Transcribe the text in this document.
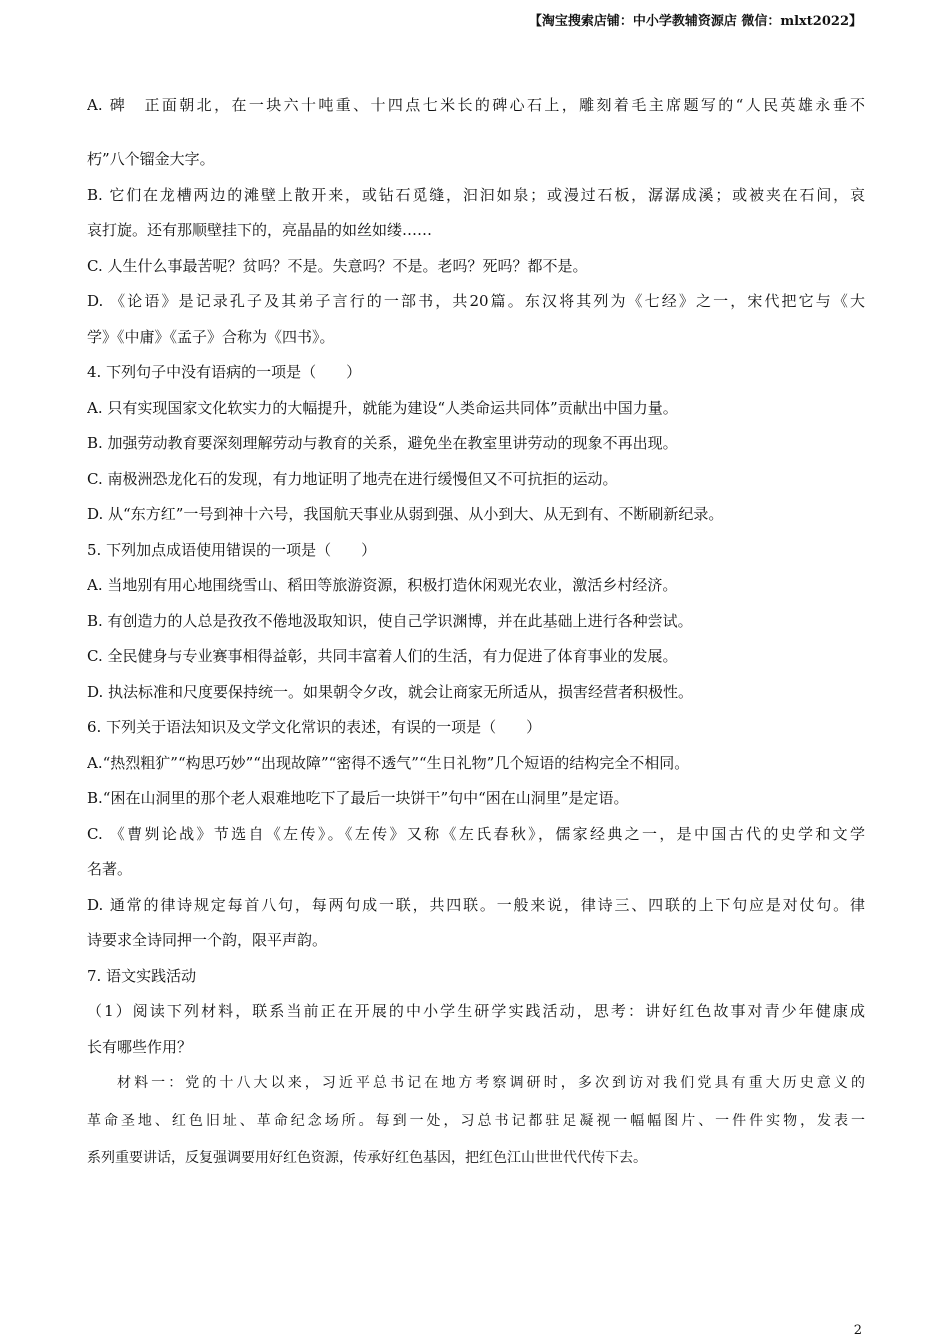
【淘宝搜索店铺：中小学教辅资源店 微信：mlxt2022】
A. 碑　正面朝北，在一块六十吨重、十四点七米长的碑心石上，雕刻着毛主席题写的“人民英雄永垂不
朽”八个镏金大字。
B. 它们在龙槽两边的滩壁上散开来，或钻石觅缝，汩汩如泉；或漫过石板，潺潺成溪；或被夹在石间，哀
哀打旋。还有那顺壁挂下的，亮晶晶的如丝如缕……
C. 人生什么事最苦呢？贫吗？不是。失意吗？不是。老吗？死吗？都不是。
D. 《论语》是记录孔子及其弟子言行的一部书，共20篇。东汉将其列为《七经》之一，宋代把它与《大
学》《中庸》《孟子》合称为《四书》。
4. 下列句子中没有语病的一项是（　　）
A. 只有实现国家文化软实力的大幅提升，就能为建设“人类命运共同体”贡献出中国力量。
B. 加强劳动教育要深刻理解劳动与教育的关系，避免坐在教室里讲劳动的现象不再出现。
C. 南极洲恐龙化石的发现，有力地证明了地壳在进行缓慢但又不可抗拒的运动。
D. 从“东方红”一号到神十六号，我国航天事业从弱到强、从小到大、从无到有、不断刷新纪录。
5. 下列加点成语使用错误的一项是（　　）
A. 当地别有用心地围绕雪山、稻田等旅游资源，积极打造休闲观光农业，激活乡村经济。
B. 有创造力的人总是孜孜不倦地汲取知识，使自己学识渊博，并在此基础上进行各种尝试。
C. 全民健身与专业赛事相得益彰，共同丰富着人们的生活，有力促进了体育事业的发展。
D. 执法标准和尺度要保持统一。如果朝令夕改，就会让商家无所适从，损害经营者积极性。
6. 下列关于语法知识及文学文化常识的表述，有误的一项是（　　）
A.“热烈粗犷”“构思巧妙”“出现故障”“密得不透气”“生日礼物”几个短语的结构完全不相同。
B.“困在山洞里的那个老人艰难地吃下了最后一块饼干”句中“困在山洞里”是定语。
C. 《曹刿论战》节选自《左传》。《左传》又称《左氏春秋》，儒家经典之一，是中国古代的史学和文学
名著。
D. 通常的律诗规定每首八句，每两句成一联，共四联。一般来说，律诗三、四联的上下句应是对仗句。律
诗要求全诗同押一个韵，限平声韵。
7. 语文实践活动
（1）阅读下列材料，联系当前正在开展的中小学生研学实践活动，思考：讲好红色故事对青少年健康成
长有哪些作用？
材料一：党的十八大以来，习近平总书记在地方考察调研时，多次到访对我们党具有重大历史意义的
革命圣地、红色旧址、革命纪念场所。每到一处，习总书记都驻足凝视一幅幅图片、一件件实物，发表一
系列重要讲话，反复强调要用好红色资源，传承好红色基因，把红色江山世世代代传下去。
2
